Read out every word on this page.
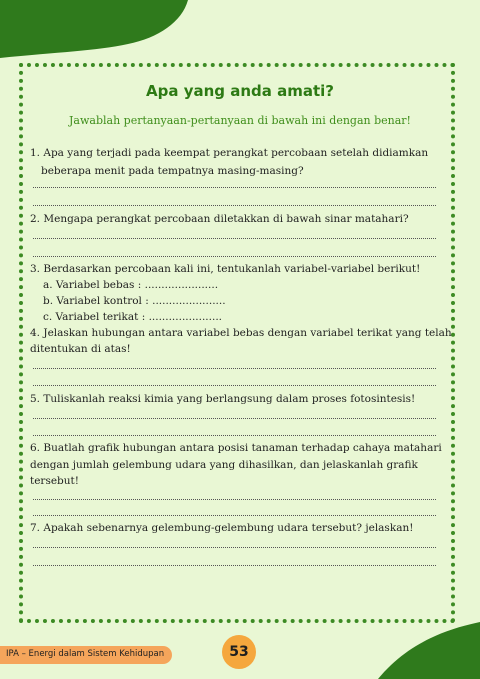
Apa yang anda amati?
Jawablah pertanyaan-pertanyaan di bawah ini dengan benar!
1. Apa yang terjadi pada keempat perangkat percobaan setelah didiamkan
beberapa menit pada tempatnya masing-masing?
2. Mengapa perangkat percobaan diletakkan di bawah sinar matahari?
3. Berdasarkan percobaan kali ini, tentukanlah variabel-variabel berikut!
a. Variabel bebas : ......................
b. Variabel kontrol : ......................
c. Variabel terikat : ......................
4. Jelaskan hubungan antara variabel bebas dengan variabel terikat yang telah
ditentukan di atas!
5. Tuliskanlah reaksi kimia yang berlangsung dalam proses fotosintesis!
6. Buatlah grafik hubungan antara posisi tanaman terhadap cahaya matahari
dengan jumlah gelembung udara yang dihasilkan, dan jelaskanlah grafik
tersebut!
7. Apakah sebenarnya gelembung-gelembung udara tersebut? jelaskan!
IPA – Energi dalam Sistem Kehidupan	53
